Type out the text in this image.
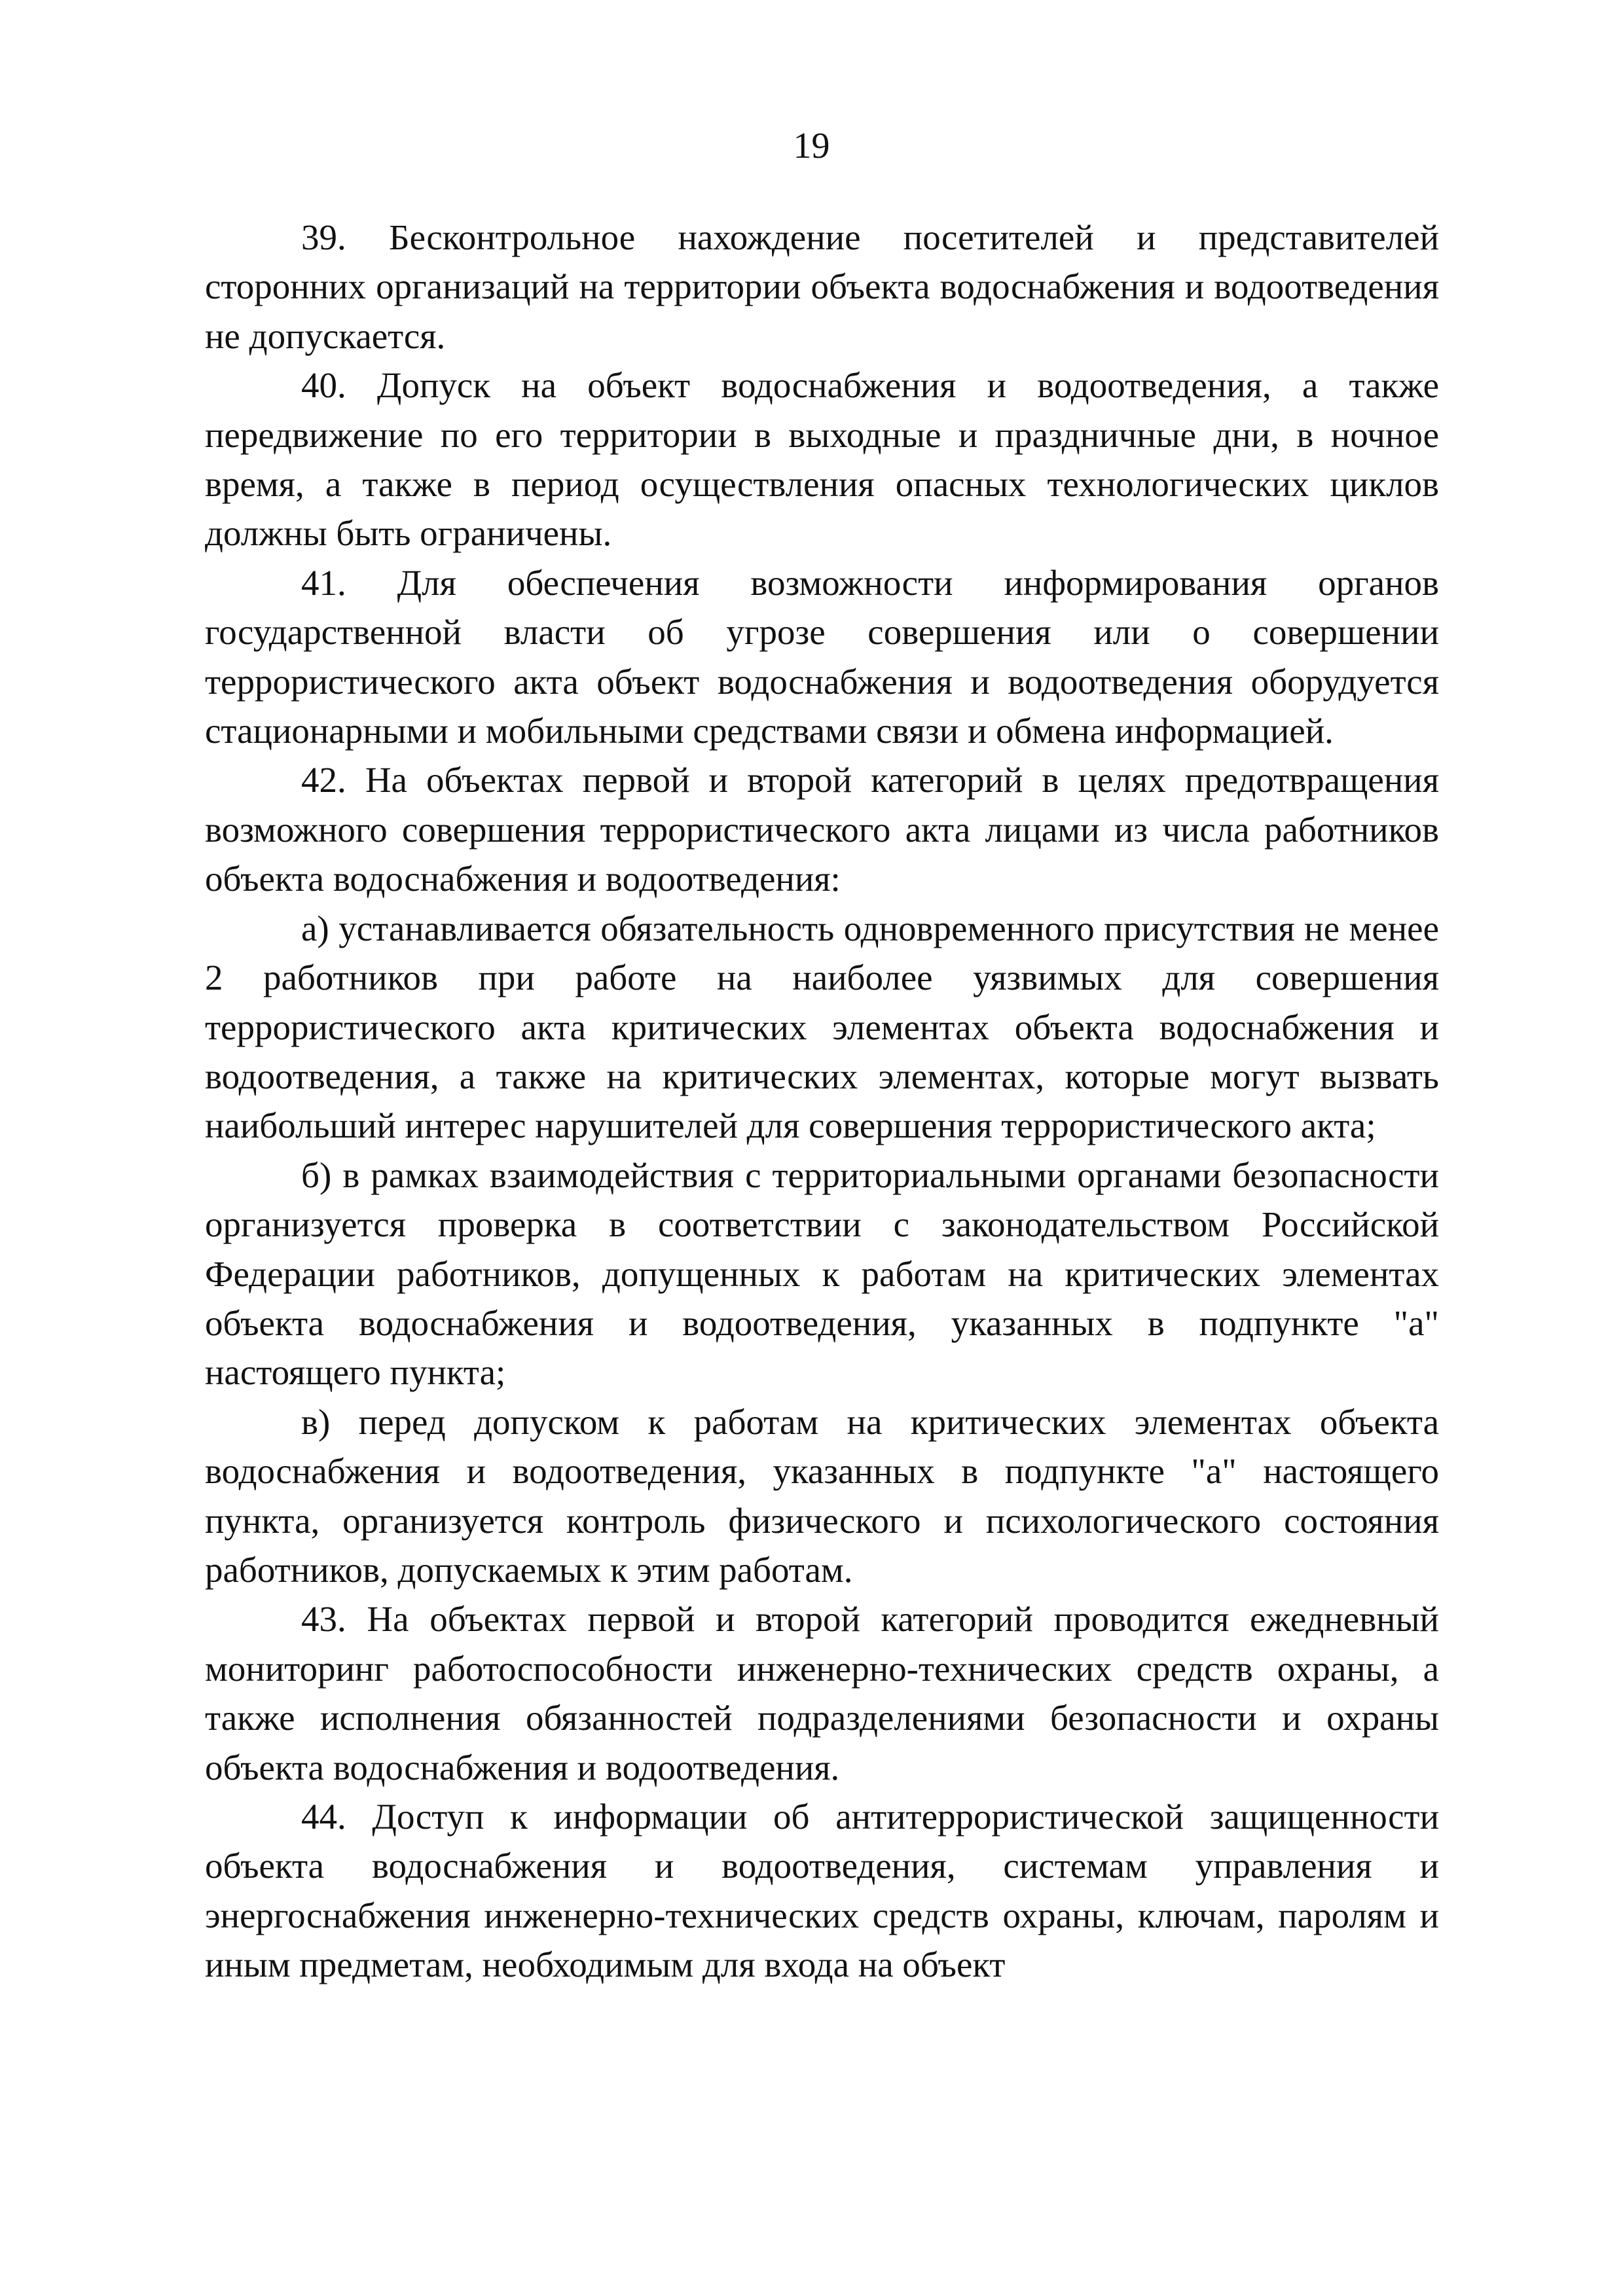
19

39. Бесконтрольное нахождение посетителей и представителей сторонних организаций на территории объекта водоснабжения и водоотведения не допускается.

40. Допуск на объект водоснабжения и водоотведения, а также передвижение по его территории в выходные и праздничные дни, в ночное время, а также в период осуществления опасных технологических циклов должны быть ограничены.

41. Для обеспечения возможности информирования органов государственной власти об угрозе совершения или о совершении террористического акта объект водоснабжения и водоотведения оборудуется стационарными и мобильными средствами связи и обмена информацией.

42. На объектах первой и второй категорий в целях предотвращения возможного совершения террористического акта лицами из числа работников объекта водоснабжения и водоотведения:

а) устанавливается обязательность одновременного присутствия не менее 2 работников при работе на наиболее уязвимых для совершения террористического акта критических элементах объекта водоснабжения и водоотведения, а также на критических элементах, которые могут вызвать наибольший интерес нарушителей для совершения террористического акта;

б) в рамках взаимодействия с территориальными органами безопасности организуется проверка в соответствии с законодательством Российской Федерации работников, допущенных к работам на критических элементах объекта водоснабжения и водоотведения, указанных в подпункте "а" настоящего пункта;

в) перед допуском к работам на критических элементах объекта водоснабжения и водоотведения, указанных в подпункте "а" настоящего пункта, организуется контроль физического и психологического состояния работников, допускаемых к этим работам.

43. На объектах первой и второй категорий проводится ежедневный мониторинг работоспособности инженерно-технических средств охраны, а также исполнения обязанностей подразделениями безопасности и охраны объекта водоснабжения и водоотведения.

44. Доступ к информации об антитеррористической защищенности объекта водоснабжения и водоотведения, системам управления и энергоснабжения инженерно-технических средств охраны, ключам, паролям и иным предметам, необходимым для входа на объект
